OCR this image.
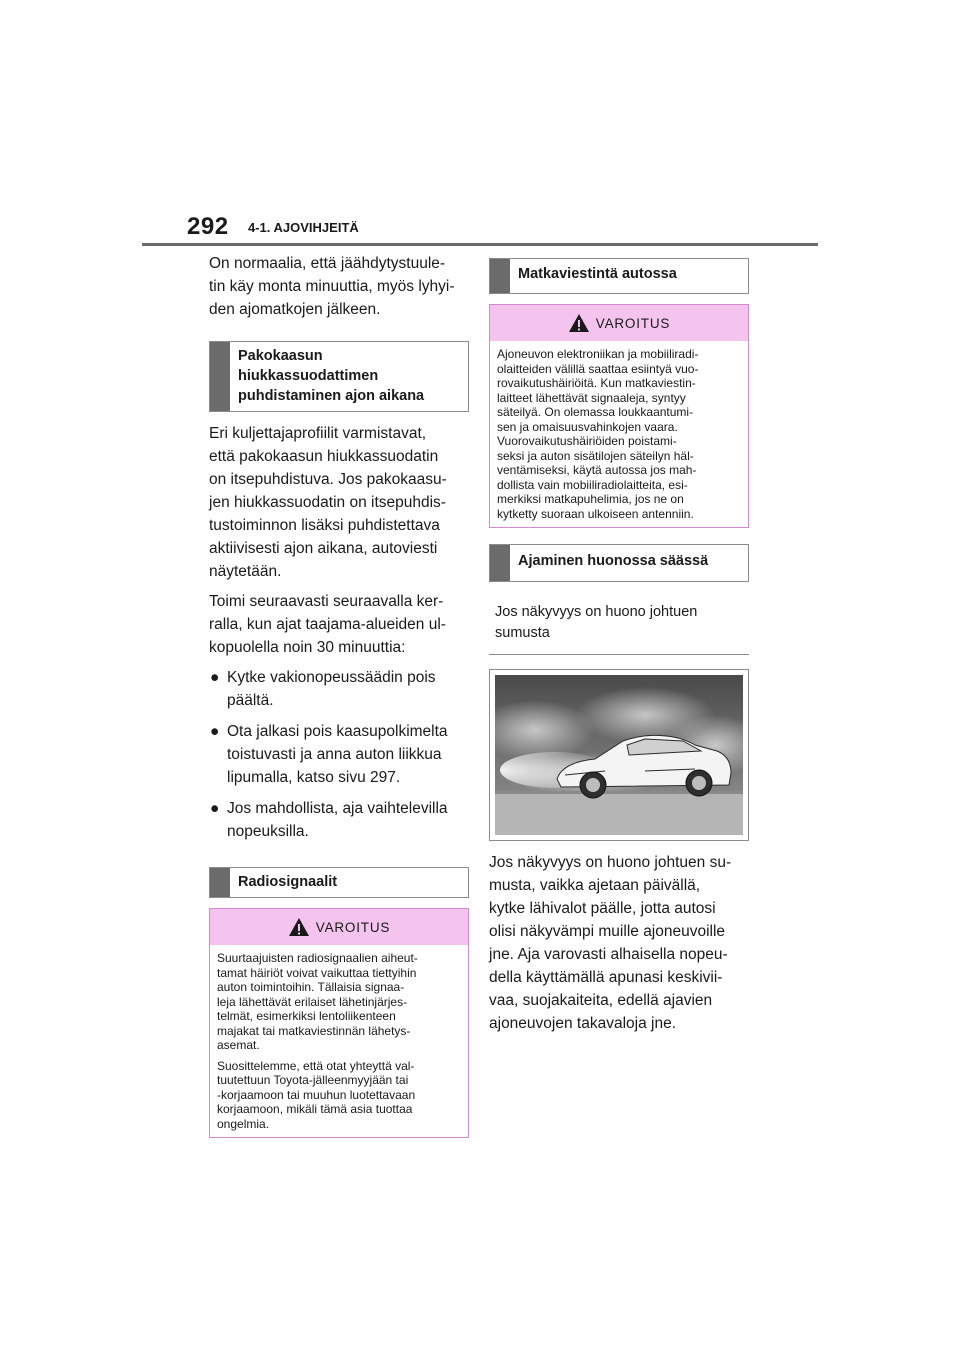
292 4-1. AJOVIHJEITÄ

On normaalia, että jäähdytystuule-
tin käy monta minuuttia, myös lyhyi-
den ajomatkojen jälkeen.

Pakokaasun
hiukkassuodattimen
puhdistaminen ajon aikana

Eri kuljettajaprofiilit varmistavat,
että pakokaasun hiukkassuodatin
on itsepuhdistuva. Jos pakokaasu-
jen hiukkassuodatin on itsepuhdis-
tustoiminnon lisäksi puhdistettava
aktiivisesti ajon aikana, autoviesti
näytetään.

Toimi seuraavasti seuraavalla ker-
ralla, kun ajat taajama-alueiden ul-
kopuolella noin 30 minuuttia:

● Kytke vakionopeussäädin pois
päältä.
● Ota jalkasi pois kaasupolkimelta
toistuvasti ja anna auton liikkua
lipumalla, katso sivu 297.
● Jos mahdollista, aja vaihtelevilla
nopeuksilla.
Radiosignaalit
VAROITUS

Suurtaajuisten radiosignaalien aiheut-
tamat häiriöt voivat vaikuttaa tiettyihin
auton toimintoihin. Tällaisia signaa-
leja lähettävät erilaiset lähetinjärjes-
telmät, esimerkiksi lentoliikenteen
majakat tai matkaviestinnän lähetys-
asemat.

Suosittelemme, että otat yhteyttä val-
tuutettuun Toyota-jälleenmyyjään tai
-korjaamoon tai muuhun luotettavaan
korjaamoon, mikäli tämä asia tuottaa
ongelmia.

Matkaviestintä autossa
VAROITUS

Ajoneuvon elektroniikan ja mobiiliradi-
olaitteiden välillä saattaa esiintyä vuo-
rovaikutushäiriöitä. Kun matkaviestin-
laitteet lähettävät signaaleja, syntyy
säteilyä. On olemassa loukkaantumi-
sen ja omaisuusvahinkojen vaara.
Vuorovaikutushäiriöiden poistami-
seksi ja auton sisätilojen säteilyn häl-
ventämiseksi, käytä autossa jos mah-
dollista vain mobiiliradiolaitteita, esi-
merkiksi matkapuhelimia, jos ne on
kytketty suoraan ulkoiseen antenniin.

Ajaminen huonossa säässä
Jos näkyvyys on huono johtuen
sumusta

Jos näkyvyys on huono johtuen su-
musta, vaikka ajetaan päivällä,
kytke lähivalot päälle, jotta autosi
olisi näkyvämpi muille ajoneuvoille
jne. Aja varovasti alhaisella nopeu-
della käyttämällä apunasi keskivii-
vaa, suojakaiteita, edellä ajavien
ajoneuvojen takavaloja jne.
